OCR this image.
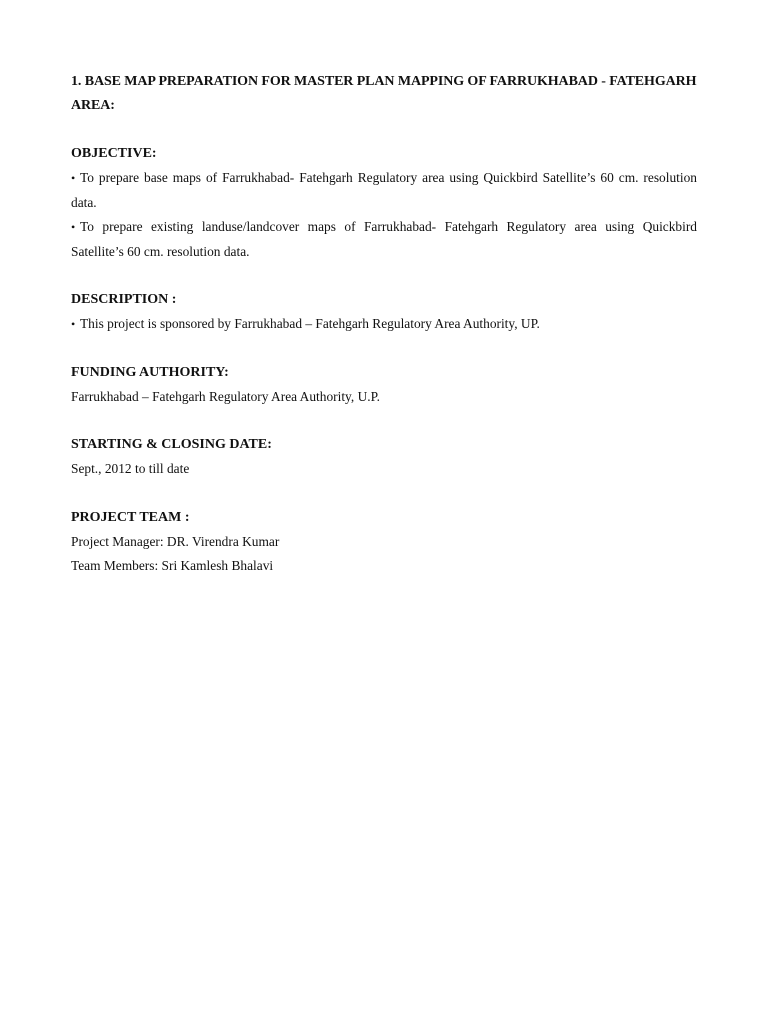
1. BASE MAP PREPARATION FOR MASTER PLAN MAPPING OF FARRUKHABAD - FATEHGARH AREA:

OBJECTIVE:

• To prepare base maps of Farrukhabad- Fatehgarh Regulatory area using Quickbird Satellite’s 60 cm. resolution data.

• To prepare existing landuse/landcover maps of Farrukhabad- Fatehgarh Regulatory area using Quickbird Satellite’s 60 cm. resolution data.

DESCRIPTION :

• This project is sponsored by Farrukhabad – Fatehgarh Regulatory Area Authority, UP.

FUNDING AUTHORITY:

Farrukhabad – Fatehgarh Regulatory Area Authority, U.P.

STARTING & CLOSING DATE:

Sept., 2012 to till date

PROJECT TEAM :

Project Manager: DR. Virendra Kumar

Team Members: Sri Kamlesh Bhalavi
